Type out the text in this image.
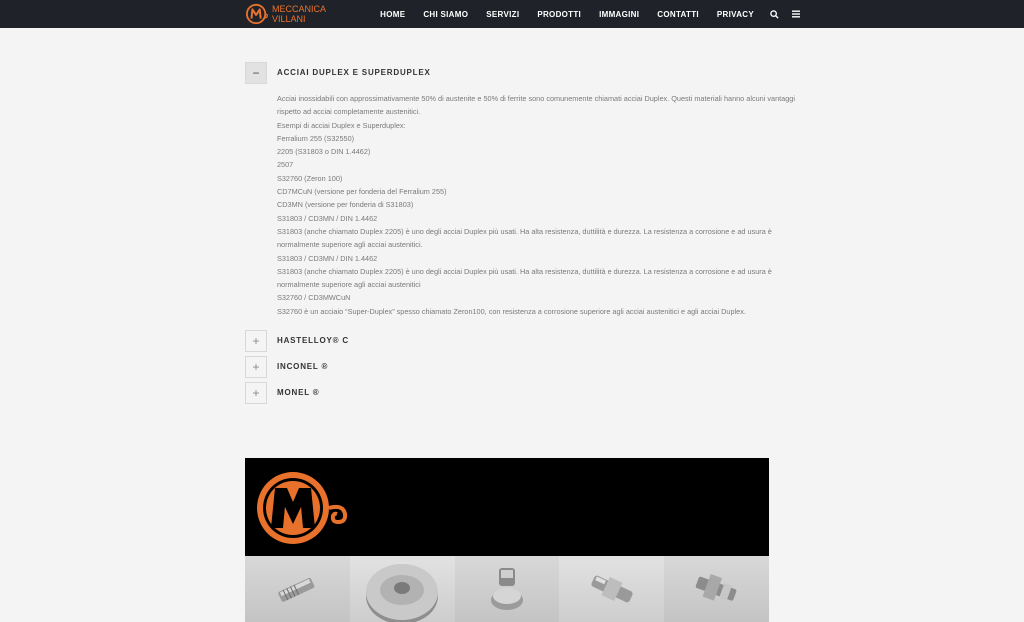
MECCANICA
VILLANI	HOME	CHI SIAMO	SERVIZI	PRODOTTI	IMMAGINI	CONTATTI	PRIVACY
−	ACCIAI DUPLEX E SUPERDUPLEX

Acciai inossidabili con approssimativamente 50% di austenite e 50% di ferrite sono comunemente chiamati acciai Duplex. Questi materiali hanno alcuni vantaggi rispetto ad acciai completamente austenitici.

Esempi di acciai Duplex e Superduplex:

Ferralium 255 (S32550)

2205 (S31803 o DIN 1.4462)

2507

S32760 (Zeron 100)

CD7MCuN (versione per fonderia del Ferralium 255)

CD3MN (versione per fonderia di S31803)

S31803 / CD3MN / DIN 1.4462

S31803 (anche chiamato Duplex 2205) è uno degli acciai Duplex più usati. Ha alta resistenza, duttilità e durezza. La resistenza a corrosione e ad usura è normalmente superiore agli acciai austenitici.

S31803 / CD3MN / DIN 1.4462

S31803 (anche chiamato Duplex 2205) è uno degli acciai Duplex più usati. Ha alta resistenza, duttilità e durezza. La resistenza a corrosione e ad usura è normalmente superiore agli acciai austenitici

S32760 / CD3MWCuN

S32760 è un acciaio “Super-Duplex” spesso chiamato Zeron100, con resistenza a corrosione superiore agli acciai austenitici e agli acciai Duplex.

+	HASTELLOY® C
+	INCONEL ®
+	MONEL ®
